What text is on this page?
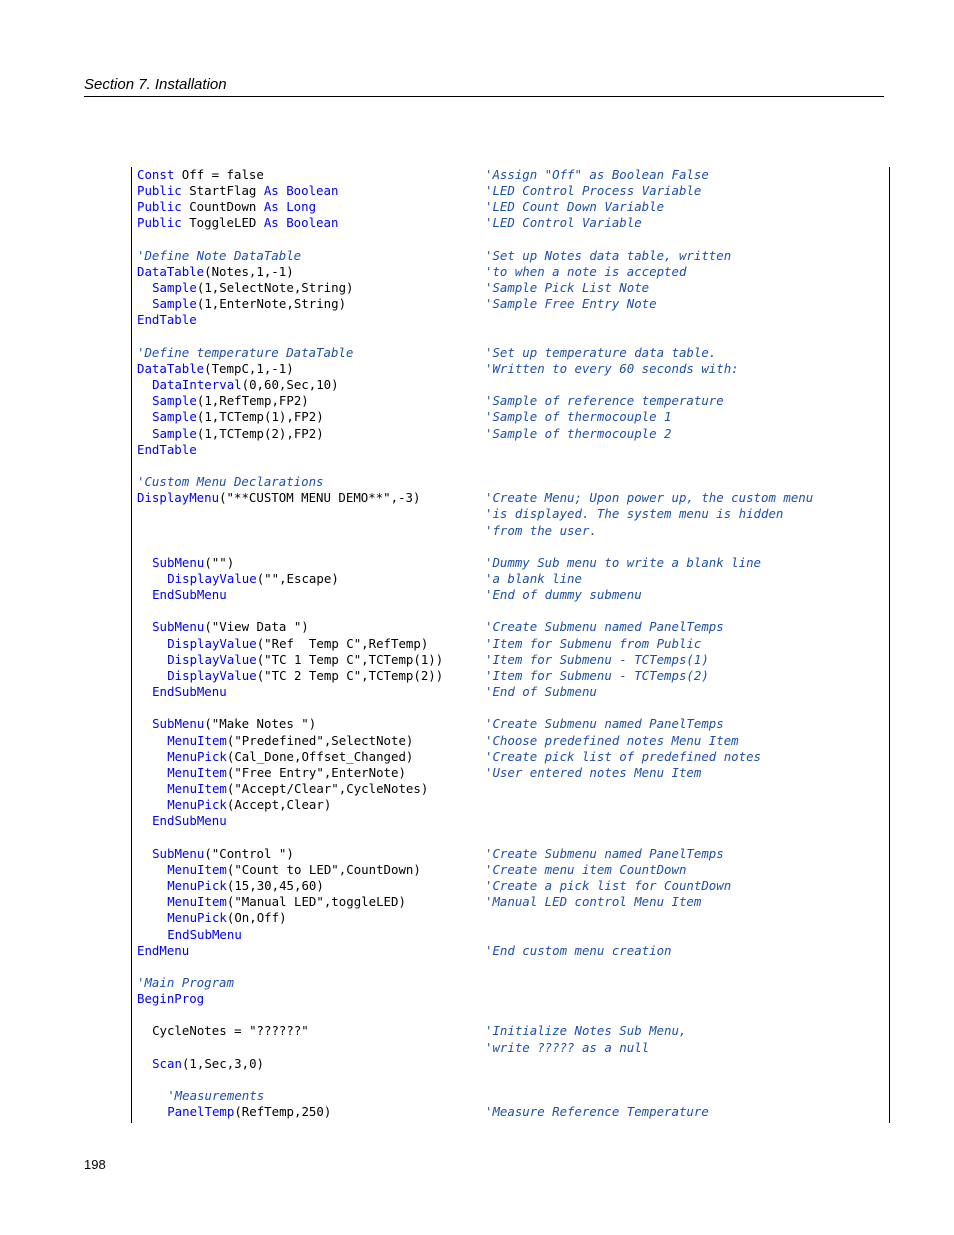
Section 7. Installation
Const Off = false	'Assign "Off" as Boolean False
Public StartFlag As Boolean	'LED Control Process Variable
Public CountDown As Long	'LED Count Down Variable
Public ToggleLED As Boolean	'LED Control Variable
'Define Note DataTable	'Set up Notes data table, written
DataTable(Notes,1,-1)	'to when a note is accepted
Sample(1,SelectNote,String)	'Sample Pick List Note
Sample(1,EnterNote,String)	'Sample Free Entry Note
EndTable
'Define temperature DataTable	'Set up temperature data table.
DataTable(TempC,1,-1)	'Written to every 60 seconds with:
DataInterval(0,60,Sec,10)
Sample(1,RefTemp,FP2)	'Sample of reference temperature
Sample(1,TCTemp(1),FP2)	'Sample of thermocouple 1
Sample(1,TCTemp(2),FP2)	'Sample of thermocouple 2
EndTable
'Custom Menu Declarations
DisplayMenu("**CUSTOM MENU DEMO**",-3)	'Create Menu; Upon power up, the custom menu
'is displayed. The system menu is hidden
'from the user.
SubMenu("")	'Dummy Sub menu to write a blank line
DisplayValue("",Escape)	'a blank line
EndSubMenu	'End of dummy submenu
SubMenu("View Data ")	'Create Submenu named PanelTemps
DisplayValue("Ref  Temp C",RefTemp)	'Item for Submenu from Public
DisplayValue("TC 1 Temp C",TCTemp(1))	'Item for Submenu - TCTemps(1)
DisplayValue("TC 2 Temp C",TCTemp(2))	'Item for Submenu - TCTemps(2)
EndSubMenu	'End of Submenu
SubMenu("Make Notes ")	'Create Submenu named PanelTemps
MenuItem("Predefined",SelectNote)	'Choose predefined notes Menu Item
MenuPick(Cal_Done,Offset_Changed)	'Create pick list of predefined notes
MenuItem("Free Entry",EnterNote)	'User entered notes Menu Item
MenuItem("Accept/Clear",CycleNotes)
MenuPick(Accept,Clear)
EndSubMenu
SubMenu("Control ")	'Create Submenu named PanelTemps
MenuItem("Count to LED",CountDown)	'Create menu item CountDown
MenuPick(15,30,45,60)	'Create a pick list for CountDown
MenuItem("Manual LED",toggleLED)	'Manual LED control Menu Item
MenuPick(On,Off)
EndSubMenu
EndMenu	'End custom menu creation
'Main Program
BeginProg
CycleNotes = "??????"	'Initialize Notes Sub Menu,
'write ????? as a null
Scan(1,Sec,3,0)
'Measurements
PanelTemp(RefTemp,250)	'Measure Reference Temperature
198
